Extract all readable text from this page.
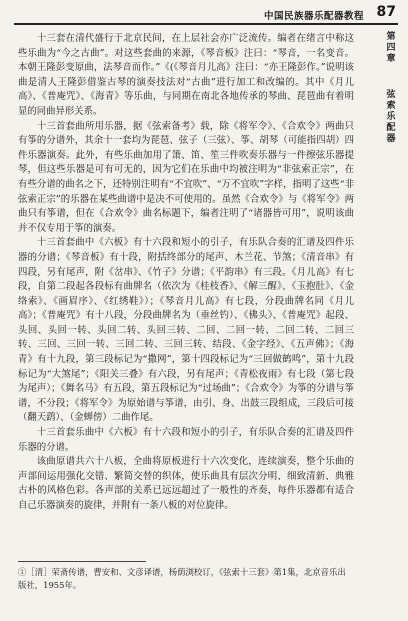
中国民族器乐配器教程 87
第四章
弦索乐配器

十三套在清代盛行于北京民间，在上层社会亦广泛流传。编者在绪言中称这些乐曲为“今之古曲”。对这些套曲的来源，《琴音板》注曰：“琴音，一名变音。本朝王隆彭变原曲，法琴音而作。”《(《琴音月儿高》注曰：“亦王隆彭作。”说明该曲是清人王隆彭借鉴古琴的演奏技法对“古曲”进行加工和改编的。其中《月儿高》、《普庵咒》、《海青》等乐曲，与同期在南北各地传承的琴曲、琵琶曲有着明显的同曲异形关系。

十三首套曲所用乐器，据《弦索备考》载，除《将军令》、《合欢令》两曲只有筝的分谱外，其余十一套均为琵琶、弦子（三弦）、筝、胡琴（可能指四胡）四件乐器演奏。此外，有些乐曲加用了箫、笛、笙三件吹奏乐器与一件擦弦乐器提琴，但这些乐器是可有可无的，因为它们在乐曲中均被注明为“非弦索正宗”，在有些分谱的曲名之下，还特别注明有“不宜吹”、“万不宜吹”字样，指明了这些“非弦索正宗”的乐器在某些曲谱中是决不可使用的。虽然《合欢令》与《将军令》两曲只有筝谱，但在《合欢令》曲名标题下，编者注明了“诸器皆可用”，说明该曲并不仅专用于筝的演奏。

十三首套曲中《六板》有十六段和短小的引子，有乐队合奏的汇谱及四件乐器的分谱；《琴音板》有十段，附括终部分的尾声、木兰花、节煞；《清音串》有四段，另有尾声，附《岔串》、《竹子》分谱；《平韵串》有三段。《月儿高》有七段，自第二段起各段标有曲牌名（依次为《桂枝香》、《解三醒》、《玉抱肚》、《金络索》、《画眉序》、《红绣鞋》）；《琴音月儿高》有七段，分段曲牌名同《月儿高》；《普庵咒》有十八段，分段曲牌名为（垂丝钓）、《佛头》、《普庵咒》起段、头回、头回一转、头回二转、头回三转、二回、二回一转、二回二转、二回三转、三回、三回一转、三回二转、三回三转、结段、《金字经》、《五声佛》；《海青》有十九段，第三段标记为“撒网”，第十四段标记为“三回做鹤鸣”，第十九段标记为“大煞尾”；《阳关三叠》有六段，另有尾声；《青松夜雨》有七段（第七段为尾声）；《舞名马》有五段，第五段标记为“过场曲”；《合欢令》为筝的分谱与筝谱，不分段；《将军令》为原始谱与筝谱，由引、身、出鼓三段组成，三段后可接（翻天鹞）、（金蝉傍）二曲作尾。

十三首套乐曲中《六板》有十六段和短小的引子，有乐队合奏的汇谱及四件乐器的分谱。

该曲原谱共六十八板，全曲将原板进行十六次变化，连续演奏，整个乐曲的声部间运用强化交错、繁简交替的织体，使乐曲具有层次分明、细致清新、典雅古朴的风格色彩。各声部的关系已远远超过了一般性的齐奏，每件乐器都有适合自己乐器演奏的旋律，并附有一条八板的对位旋律。

①［清］荣斋传谱，曹安和、文彦译谱，杨荫浏校订，《弦索十三套》第1集，北京音乐出版社，1955年。
